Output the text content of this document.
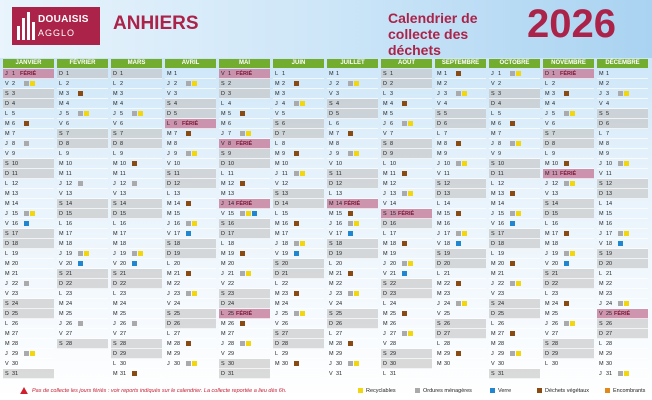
DOUAISIS
AGGLO ANHIERS	Calendrier de collecte des déchets
2026
JANVIER
J 1 FÉRIÉ
V 2
S 3
D 4
L 5
M 6
M 7
J 8
V 9
S 10
D 11
L 12
M 13
M 14
J 15
V 16
S 17
D 18
L 19
M 20
M 21
J 22
V 23
S 24
D 25
L 26
M 27
M 28
J 29
V 30
S 31
FÉVRIER
D 1
L 2
M 3
M 4
J 5
V 6
S 7
D 8
L 9
M 10
M 11
J 12
V 13
S 14
D 15
L 16
M 17
M 18
J 19
V 20
S 21
D 22
L 23
M 24
M 25
J 26
V 27
S 28
MARS
D 1
L 2
M 3
M 4
J 5
V 6
S 7
D 8
L 9
M 10
M 11
J 12
V 13
S 14
D 15
L 16
M 17
M 18
J 19
V 20
S 21
D 22
L 23
M 24
M 25
J 26
V 27
S 28
D 29
L 30
M 31
AVRIL
M 1
J 2
V 3
S 4
D 5
L 6 FÉRIÉ
M 7
M 8
J 9
V 10
S 11
D 12
L 13
M 14
M 15
J 16
V 17
S 18
D 19
L 20
M 21
M 22
J 23
V 24
S 25
D 26
L 27
M 28
M 29
J 30
MAI
V 1 FÉRIÉ
S 2
D 3
L 4
M 5
M 6
J 7
V 8 FÉRIÉ
S 9
D 10
L 11
M 12
M 13
J 14 FÉRIÉ
V 15
S 16
D 17
L 18
M 19
M 20
J 21
V 22
S 23
D 24
L 25 FÉRIÉ
M 26
M 27
J 28
V 29
S 30
D 31
JUIN
L 1
M 2
M 3
J 4
V 5
S 6
D 7
L 8
M 9
M 10
J 11
V 12
S 13
D 14
L 15
M 16
M 17
J 18
V 19
S 20
D 21
L 22
M 23
M 24
J 25
V 26
S 27
D 28
L 29
M 30
JUILLET
M 1
J 2
V 3
S 4
D 5
L 6
M 7
M 8
J 9
V 10
S 11
D 12
L 13
M 14 FÉRIÉ
M 15
J 16
V 17
S 18
D 19
L 20
M 21
M 22
J 23
V 24
S 25
D 26
L 27
M 28
M 29
J 30
V 31
AOÛT
S 1
D 2
L 3
M 4
M 5
J 6
V 7
S 8
D 9
L 10
M 11
M 12
J 13
V 14
S 15 FÉRIÉ
D 16
L 17
M 18
M 19
J 20
V 21
S 22
D 23
L 24
M 25
M 26
J 27
V 28
S 29
D 30
L 31
SEPTEMBRE
M 1
M 2
J 3
V 4
S 5
D 6
L 7
M 8
M 9
J 10
V 11
S 12
D 13
L 14
M 15
M 16
J 17
V 18
S 19
D 20
L 21
M 22
M 23
J 24
V 25
S 26
D 27
L 28
M 29
M 30
OCTOBRE
J 1
V 2
S 3
D 4
L 5
M 6
M 7
J 8
V 9
S 10
D 11
L 12
M 13
M 14
J 15
V 16
S 17
D 18
L 19
M 20
M 21
J 22
V 23
S 24
D 25
L 26
M 27
M 28
J 29
V 30
S 31
NOVEMBRE
D 1 FÉRIÉ
L 2
M 3
M 4
J 5
V 6
S 7
D 8
L 9
M 10
M 11 FÉRIÉ
J 12
V 13
S 14
D 15
L 16
M 17
M 18
J 19
V 20
S 21
D 22
L 23
M 24
M 25
J 26
V 27
S 28
D 29
L 30
DÉCEMBRE
M 1
M 2
J 3
V 4
S 5
D 6
L 7
M 8
M 9
J 10
V 11
S 12
D 13
L 14
M 15
M 16
J 17
V 18
S 19
D 20
L 21
M 22
M 23
J 24
V 25 FÉRIÉ
S 26
D 27
L 28
M 29
M 30
J 31
Pas de collecte les jours fériés : voir reports indiqués sur le calendrier. La collecte reportée a lieu dès 6h.	Recyclables	Ordures ménagères	Verre	Déchets végétaux	Encombrants
